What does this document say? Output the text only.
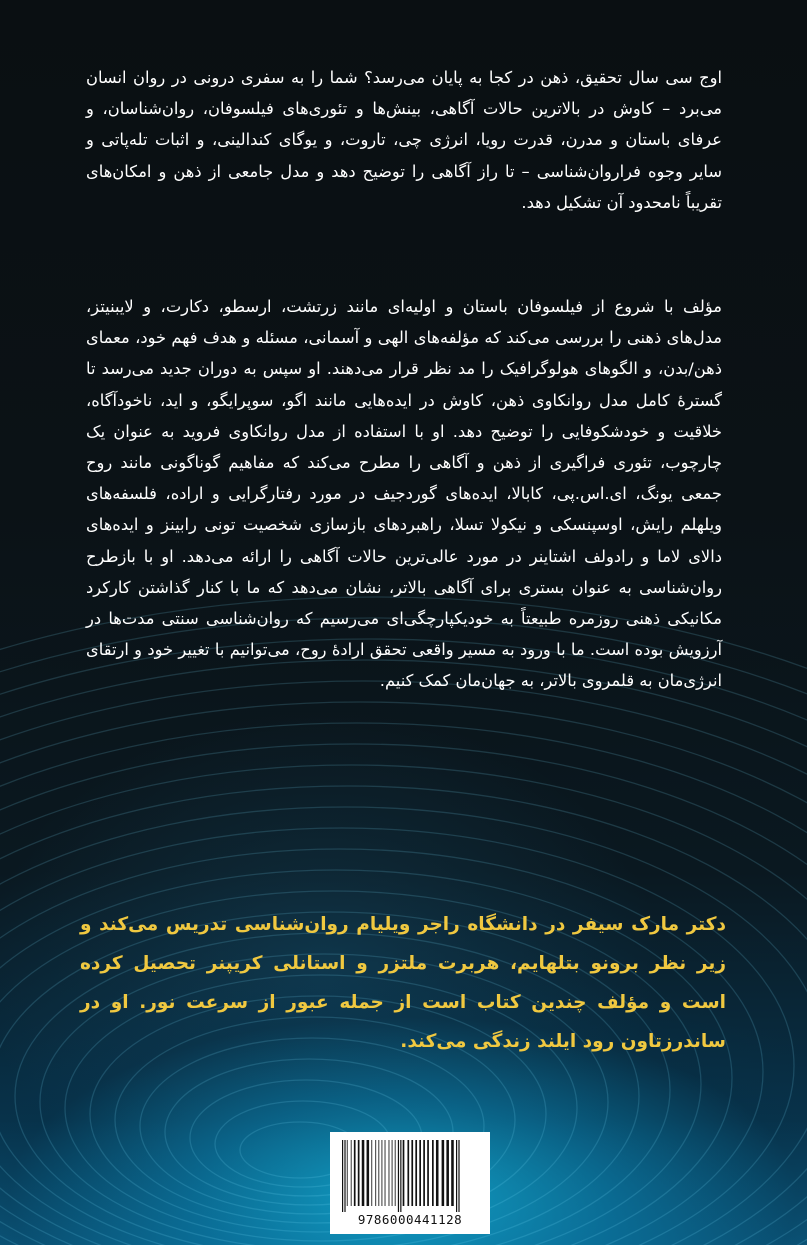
اوج سی سال تحقیق، ذهن در کجا به پایان می‌رسد؟ شما را به سفری درونی در روان انسان می‌برد – کاوش در بالاترین حالات آگاهی، بینش‌ها و تئوری‌های فیلسوفان، روان‌شناسان، و عرفای باستان و مدرن، قدرت رویا، انرژی چی، تاروت، و یوگای کندالینی، و اثبات تله‌پاتی و سایر وجوه فراروان‌شناسی – تا راز آگاهی را توضیح دهد و مدل جامعی از ذهن و امکان‌های تقریباً نامحدود آن تشکیل دهد.

مؤلف با شروع از فیلسوفان باستان و اولیه‌ای مانند زرتشت، ارسطو، دکارت، و لایبنیتز، مدل‌های ذهنی را بررسی می‌کند که مؤلفه‌های الهی و آسمانی، مسئله و هدف فهم خود، معمای ذهن/بدن، و الگوهای هولوگرافیک را مد نظر قرار می‌دهند. او سپس به دوران جدید می‌رسد تا گسترهٔ کامل مدل روانکاوی ذهن، کاوش در ایده‌هایی مانند اگو، سوپرایگو، و اید، ناخودآگاه، خلاقیت و خودشکوفایی را توضیح دهد. او با استفاده از مدل روانکاوی فروید به عنوان یک چارچوب، تئوری فراگیری از ذهن و آگاهی را مطرح می‌کند که مفاهیم گوناگونی مانند روح جمعی یونگ، ای.اس.پی، کابالا، ایده‌های گوردجیف در مورد رفتارگرایی و اراده، فلسفه‌های ویلهلم رایش، اوسپنسکی و نیکولا تسلا، راهبردهای بازسازی شخصیت تونی رابینز و ایده‌های دالای لاما و رادولف اشتاینر در مورد عالی‌ترین حالات آگاهی را ارائه می‌دهد. او با بازطرح روان‌شناسی به عنوان بستری برای آگاهی بالاتر، نشان می‌دهد که ما با کنار گذاشتن کارکرد مکانیکی ذهنی روزمره طبیعتاً به خودیکپارچگی‌ای می‌رسیم که روان‌شناسی سنتی مدت‌ها در آرزویش بوده است. ما با ورود به مسیر واقعی تحقق ارادهٔ روح، می‌توانیم با تغییر خود و ارتقای انرژی‌مان به قلمروی بالاتر، به جهان‌مان کمک کنیم.

دکتر مارک سیفر در دانشگاه راجر ویلیام روان‌شناسی تدریس می‌کند و زیر نظر برونو بتلهایم، هربرت ملتزر و استانلی کریپنر تحصیل کرده است و مؤلف چندین کتاب است از جمله عبور از سرعت نور. او در ساندرزتاون رود ایلند زندگی می‌کند.

9786000441128
